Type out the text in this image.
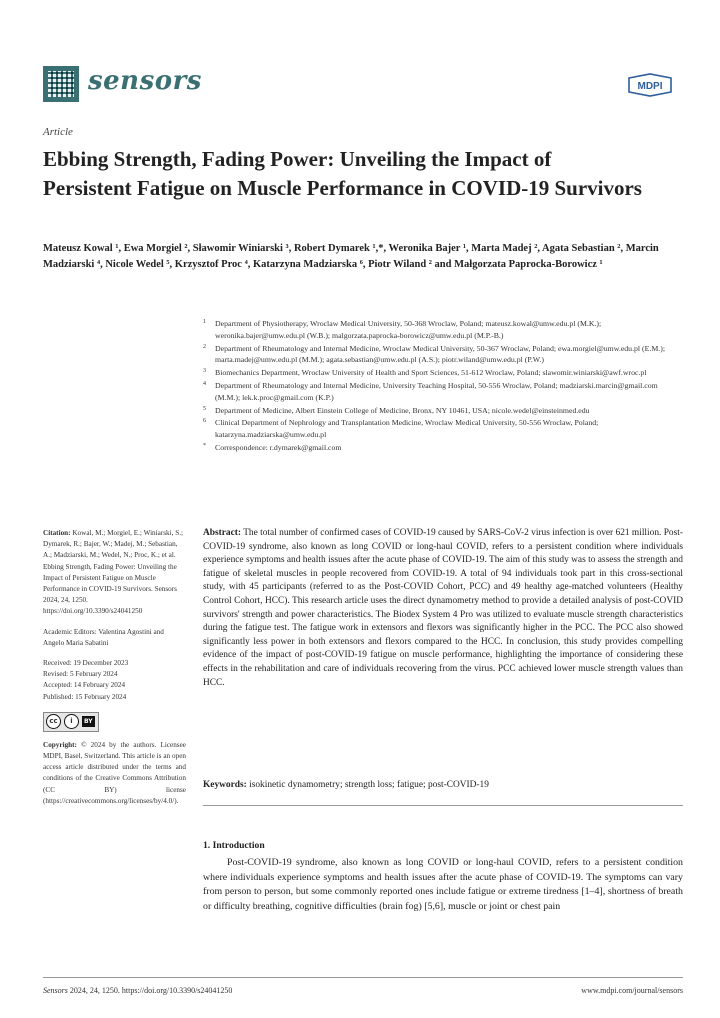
sensors	MDPI
Article
Ebbing Strength, Fading Power: Unveiling the Impact of Persistent Fatigue on Muscle Performance in COVID-19 Survivors
Mateusz Kowal ¹, Ewa Morgiel ², Sławomir Winiarski ³, Robert Dymarek ¹,*, Weronika Bajer ¹, Marta Madej ², Agata Sebastian ², Marcin Madziarski ⁴, Nicole Wedel ⁵, Krzysztof Proc ⁴, Katarzyna Madziarska ⁶, Piotr Wiland ² and Małgorzata Paprocka-Borowicz ¹
1 Department of Physiotherapy, Wroclaw Medical University, 50-368 Wroclaw, Poland; mateusz.kowal@umw.edu.pl (M.K.); weronika.bajer@umw.edu.pl (W.B.); malgorzata.paprocka-borowicz@umw.edu.pl (M.P.-B.)
2 Department of Rheumatology and Internal Medicine, Wroclaw Medical University, 50-367 Wroclaw, Poland; ewa.morgiel@umw.edu.pl (E.M.); marta.madej@umw.edu.pl (M.M.); agata.sebastian@umw.edu.pl (A.S.); piotr.wiland@umw.edu.pl (P.W.)
3 Biomechanics Department, Wroclaw University of Health and Sport Sciences, 51-612 Wroclaw, Poland; slawomir.winiarski@awf.wroc.pl
4 Department of Rheumatology and Internal Medicine, University Teaching Hospital, 50-556 Wroclaw, Poland; madziarski.marcin@gmail.com (M.M.); lek.k.proc@gmail.com (K.P.)
5 Department of Medicine, Albert Einstein College of Medicine, Bronx, NY 10461, USA; nicole.wedel@einsteinmed.edu
6 Clinical Department of Nephrology and Transplantation Medicine, Wroclaw Medical University, 50-556 Wroclaw, Poland; katarzyna.madziarska@umw.edu.pl
* Correspondence: r.dymarek@gmail.com
Citation: Kowal, M.; Morgiel, E.; Winiarski, S.; Dymarek, R.; Bajer, W.; Madej, M.; Sebastian, A.; Madziarski, M.; Wedel, N.; Proc, K.; et al. Ebbing Strength, Fading Power: Unveiling the Impact of Persistent Fatigue on Muscle Performance in COVID-19 Survivors. Sensors 2024, 24, 1250. https://doi.org/10.3390/s24041250
Academic Editors: Valentina Agostini and Angelo Maria Sabatini
Received: 19 December 2023
Revised: 5 February 2024
Accepted: 14 February 2024
Published: 15 February 2024
cc	i	BY
Copyright: © 2024 by the authors. Licensee MDPI, Basel, Switzerland. This article is an open access article distributed under the terms and conditions of the Creative Commons Attribution (CC BY) license (https://creativecommons.org/licenses/by/4.0/).
Abstract: The total number of confirmed cases of COVID-19 caused by SARS-CoV-2 virus infection is over 621 million. Post-COVID-19 syndrome, also known as long COVID or long-haul COVID, refers to a persistent condition where individuals experience symptoms and health issues after the acute phase of COVID-19. The aim of this study was to assess the strength and fatigue of skeletal muscles in people recovered from COVID-19. A total of 94 individuals took part in this cross-sectional study, with 45 participants (referred to as the Post-COVID Cohort, PCC) and 49 healthy age-matched volunteers (Healthy Control Cohort, HCC). This research article uses the direct dynamometry method to provide a detailed analysis of post-COVID survivors' strength and power characteristics. The Biodex System 4 Pro was utilized to evaluate muscle strength characteristics during the fatigue test. The fatigue work in extensors and flexors was significantly higher in the PCC. The PCC also showed significantly less power in both extensors and flexors compared to the HCC. In conclusion, this study provides compelling evidence of the impact of post-COVID-19 fatigue on muscle performance, highlighting the importance of considering these effects in the rehabilitation and care of individuals recovering from the virus. PCC achieved lower muscle strength values than HCC.
Keywords: isokinetic dynamometry; strength loss; fatigue; post-COVID-19
1. Introduction
Post-COVID-19 syndrome, also known as long COVID or long-haul COVID, refers to a persistent condition where individuals experience symptoms and health issues after the acute phase of COVID-19. The symptoms can vary from person to person, but some commonly reported ones include fatigue or extreme tiredness [1–4], shortness of breath or difficulty breathing, cognitive difficulties (brain fog) [5,6], muscle or joint or chest pain
Sensors 2024, 24, 1250. https://doi.org/10.3390/s24041250	www.mdpi.com/journal/sensors
